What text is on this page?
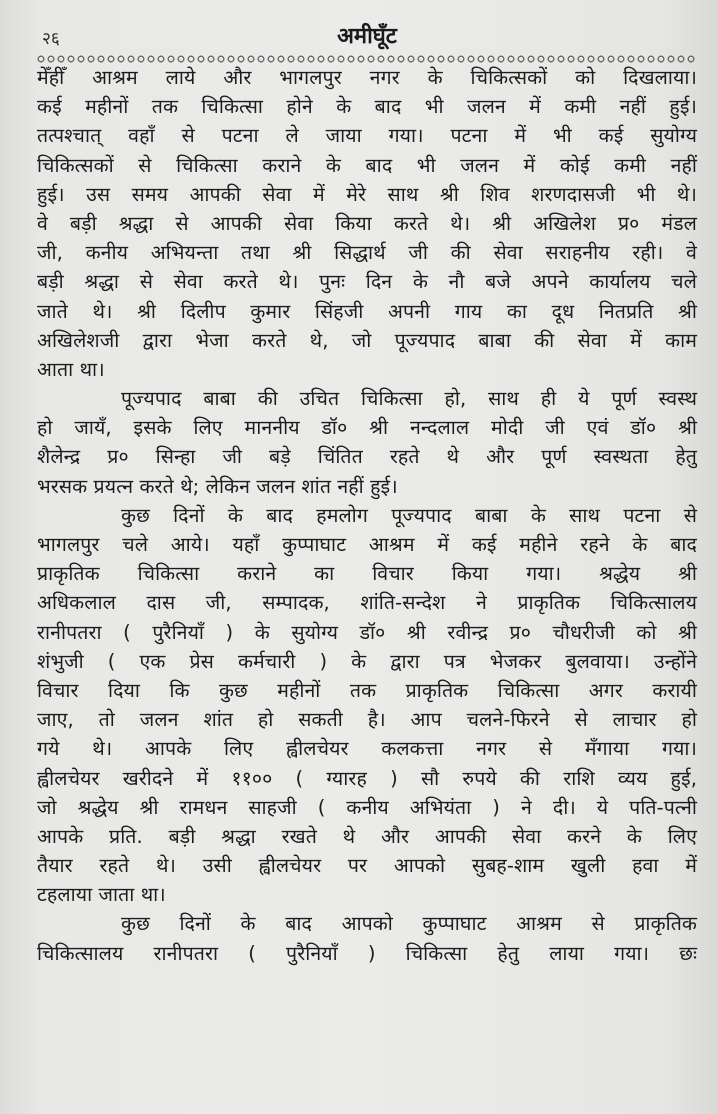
२६	अमीघूँट
मेँहीँ आश्रम लाये और भागलपुर नगर के चिकित्सकों को दिखलाया।
कई महीनों तक चिकित्सा होने के बाद भी जलन में कमी नहीं हुई।
तत्पश्चात् वहाँ से पटना ले जाया गया। पटना में भी कई सुयोग्य
चिकित्सकों से चिकित्सा कराने के बाद भी जलन में कोई कमी नहीं
हुई। उस समय आपकी सेवा में मेरे साथ श्री शिव शरणदासजी भी थे।
वे बड़ी श्रद्धा से आपकी सेवा किया करते थे। श्री अखिलेश प्र० मंडल
जी, कनीय अभियन्ता तथा श्री सिद्धार्थ जी की सेवा सराहनीय रही। वे
बड़ी श्रद्धा से सेवा करते थे। पुनः दिन के नौ बजे अपने कार्यालय चले
जाते थे। श्री दिलीप कुमार सिंहजी अपनी गाय का दूध नितप्रति श्री
अखिलेशजी द्वारा भेजा करते थे, जो पूज्यपाद बाबा की सेवा में काम
आता था।
पूज्यपाद बाबा की उचित चिकित्सा हो, साथ ही ये पूर्ण स्वस्थ
हो जायँ, इसके लिए माननीय डॉ० श्री नन्दलाल मोदी जी एवं डॉ० श्री
शैलेन्द्र प्र० सिन्हा जी बड़े चिंतित रहते थे और पूर्ण स्वस्थता हेतु
भरसक प्रयत्न करते थे; लेकिन जलन शांत नहीं हुई।
कुछ दिनों के बाद हमलोग पूज्यपाद बाबा के साथ पटना से
भागलपुर चले आये। यहाँ कुप्पाघाट आश्रम में कई महीने रहने के बाद
प्राकृतिक चिकित्सा कराने का विचार किया गया। श्रद्धेय श्री
अधिकलाल दास जी, सम्पादक, शांति-सन्देश ने प्राकृतिक चिकित्सालय
रानीपतरा ( पुरैनियाँ ) के सुयोग्य डॉ० श्री रवीन्द्र प्र० चौधरीजी को श्री
शंभुजी ( एक प्रेस कर्मचारी ) के द्वारा पत्र भेजकर बुलवाया। उन्होंने
विचार दिया कि कुछ महीनों तक प्राकृतिक चिकित्सा अगर करायी
जाए, तो जलन शांत हो सकती है। आप चलने-फिरने से लाचार हो
गये थे। आपके लिए ह्वीलचेयर कलकत्ता नगर से मँगाया गया।
ह्वीलचेयर खरीदने में ११०० ( ग्यारह ) सौ रुपये की राशि व्यय हुई,
जो श्रद्धेय श्री रामधन साहजी ( कनीय अभियंता ) ने दी। ये पति-पत्नी
आपके प्रति. बड़ी श्रद्धा रखते थे और आपकी सेवा करने के लिए
तैयार रहते थे। उसी ह्वीलचेयर पर आपको सुबह-शाम खुली हवा में
टहलाया जाता था।
कुछ दिनों के बाद आपको कुप्पाघाट आश्रम से प्राकृतिक
चिकित्सालय रानीपतरा ( पुरैनियाँ ) चिकित्सा हेतु लाया गया। छः
